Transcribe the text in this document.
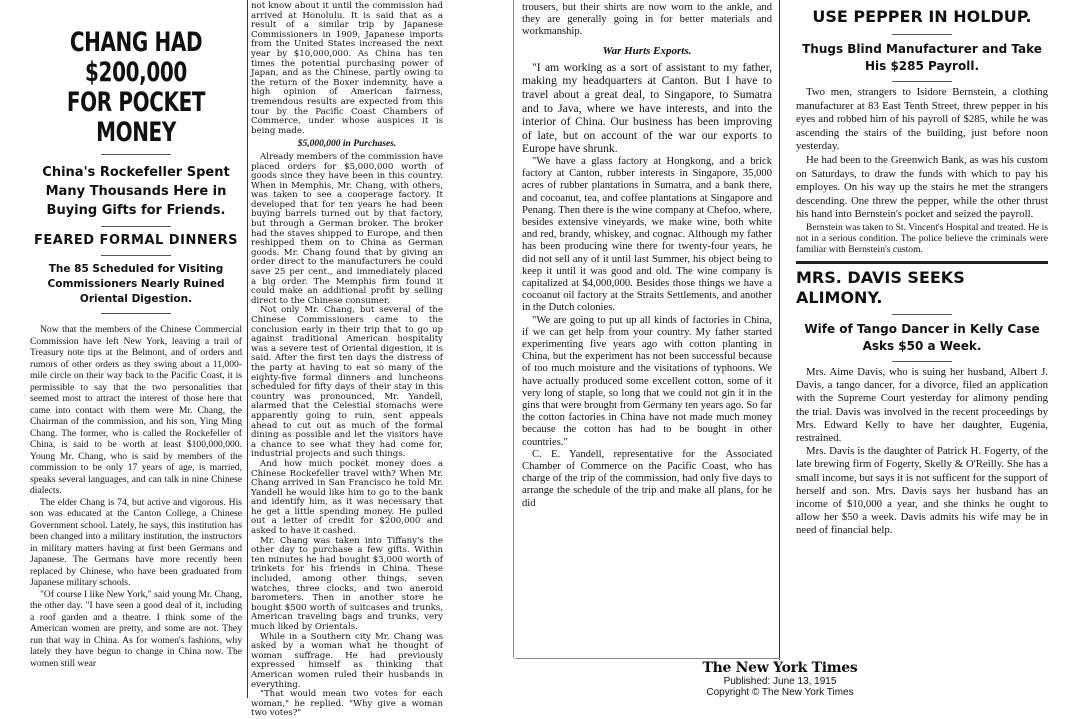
CHANG HAD $200,000
FOR POCKET MONEY
China's Rockefeller Spent Many Thousands Here in Buying Gifts for Friends.
FEARED FORMAL DINNERS
The 85 Scheduled for Visiting Commissioners Nearly Ruined Oriental Digestion.

Now that the members of the Chinese Commercial Commission have left New York, leaving a trail of Treasury note tips at the Belmont, and of orders and rumors of other orders as they swing about a 11,000-mile circle on their way back to the Pacific Coast, it is permissible to say that the two personalities that seemed most to attract the interest of those here that came into contact with them were Mr. Chang, the Chairman of the commission, and his son, Ying Ming Chang. The former, who is called the Rockefeller of China, is said to be worth at least $100,000,000. Young Mr. Chang, who is said by members of the commission to be only 17 years of age, is married, speaks several languages, and can talk in nine Chinese dialects.

The elder Chang is 74, but active and vigorous. His son was educated at the Canton College, a Chinese Government school. Lately, he says, this institution has been changed into a military institution, the instructors in military matters having at first been Germans and Japanese. The Germans have more recently been replaced by Chinese, who have been graduated from Japanese military schools.

"Of course I like New York," said young Mr. Chang, the other day. "I have seen a good deal of it, including a roof garden and a theatre. I think some of the American women are pretty, and some are not. They run that way in China. As for women's fashions, why lately they have begun to change in China now. The women still wear

not know about it until the commission had arrived at Honolulu. It is said that as a result of a similar trip by Japanese Commissioners in 1909, Japanese imports from the United States increased the next year by $10,000,000. As China has ten times the potential purchasing power of Japan, and as the Chinese, partly owing to the return of the Boxer indemnity, have a high opinion of American fairness, tremendous results are expected from this tour by the Pacific Coast Chambers of Commerce, under whose auspices it is being made.

$5,000,000 in Purchases.

Already members of the commission have placed orders for $5,000,000 worth of goods since they have been in this country. When in Memphis, Mr. Chang, with others, was taken to see a cooperage factory. It developed that for ten years he had been buying barrels turned out by that factory, but through a German broker. The broker had the staves shipped to Europe, and then reshipped them on to China as German goods. Mr. Chang found that by giving an order direct to the manufacturers he could save 25 per cent., and immediately placed a big order. The Memphis firm found it could make an additional profit by selling direct to the Chinese consumer.

Not only Mr. Chang, but several of the Chinese Commissioners came to the conclusion early in their trip that to go up against traditional American hospitality was a severe test of Oriental digestion, it is said. After the first ten days the distress of the party at having to eat so many of the eighty-five formal dinners and luncheons scheduled for fifty days of their stay in this country was pronounced, Mr. Yandell, alarmed that the Celestial stomachs were apparently going to ruin, sent appeals ahead to cut out as much of the formal dining as possible and let the visitors have a chance to see what they had come for, industrial projects and such things.

And how much pocket money does a Chinese Rockefeller travel with? When Mr. Chang arrived in San Francisco he told Mr. Yandell he would like him to go to the bank and identify him, as it was necessary that he get a little spending money. He pulled out a letter of credit for $200,000 and asked to have it cashed.

Mr. Chang was taken into Tiffany's the other day to purchase a few gifts. Within ten minutes he had bought $3,000 worth of trinkets for his friends in China. These included, among other things, seven watches, three clocks, and two aneroid barometers. Then in another store he bought $500 worth of suitcases and trunks, American traveling bags and trunks, very much liked by Orientals.

While in a Southern city Mr. Chang was asked by a woman what he thought of woman suffrage. He had previously expressed himself as thinking that American women ruled their husbands in everything.

"That would mean two votes for each woman," he replied. "Why give a woman two votes?"

trousers, but their shirts are now worn to the ankle, and they are generally going in for better materials and workmanship.

War Hurts Exports.

"I am working as a sort of assistant to my father, making my headquarters at Canton. But I have to travel about a great deal, to Singapore, to Sumatra and to Java, where we have interests, and into the interior of China. Our business has been improving of late, but on account of the war our exports to Europe have shrunk.

"We have a glass factory at Hongkong, and a brick factory at Canton, rubber interests in Singapore, 35,000 acres of rubber plantations in Sumatra, and a bank there, and cocoanut, tea, and coffee plantations at Singapore and Penang. Then there is the wine company at Chefoo, where, besides extensive vineyards, we make wine, both white and red, brandy, whiskey, and cognac. Although my father has been producing wine there for twenty-four years, he did not sell any of it until last Summer, his object being to keep it until it was good and old. The wine company is capitalized at $4,000,000. Besides those things we have a cocoanut oil factory at the Straits Settlements, and another in the Dutch colonies.

"We are going to put up all kinds of factories in China, if we can get help from your country. My father started experimenting five years ago with cotton planting in China, but the experiment has not been successful because of too much moisture and the visitations of typhoons. We have actually produced some excellent cotton, some of it very long of staple, so long that we could not gin it in the gins that were brought from Germany ten years ago. So far the cotton factories in China have not made much money because the cotton has had to be bought in other countries."

C. E. Yandell, representative for the Associated Chamber of Commerce on the Pacific Coast, who has charge of the trip of the commission, had only five days to arrange the schedule of the trip and make all plans, for he did

USE PEPPER IN HOLDUP.
Thugs Blind Manufacturer and Take His $285 Payroll.

Two men, strangers to Isidore Bernstein, a clothing manufacturer at 83 East Tenth Street, threw pepper in his eyes and robbed him of his payroll of $285, while he was ascending the stairs of the building, just before noon yesterday.

He had been to the Greenwich Bank, as was his custom on Saturdays, to draw the funds with which to pay his employes. On his way up the stairs he met the strangers descending. One threw the pepper, while the other thrust his hand into Bernstein's pocket and seized the payroll.

Bernstein was taken to St. Vincent's Hospital and treated. He is not in a serious condition. The police believe the criminals were familiar with Bernstein's custom.

MRS. DAVIS SEEKS ALIMONY.
Wife of Tango Dancer in Kelly Case Asks $50 a Week.

Mrs. Aime Davis, who is suing her husband, Albert J. Davis, a tango dancer, for a divorce, filed an application with the Supreme Court yesterday for alimony pending the trial. Davis was involved in the recent proceedings by Mrs. Edward Kelly to have her daughter, Eugenia, restrained.

Mrs. Davis is the daughter of Patrick H. Fogerty, of the late brewing firm of Fogerty, Skelly & O'Reilly. She has a small income, but says it is not sufficent for the support of herself and son. Mrs. Davis says her husband has an income of $10,000 a year, and she thinks he ought to allow her $50 a week. Davis admits his wife may be in need of financial help.

The New York Times
Published: June 13, 1915
Copyright © The New York Times
